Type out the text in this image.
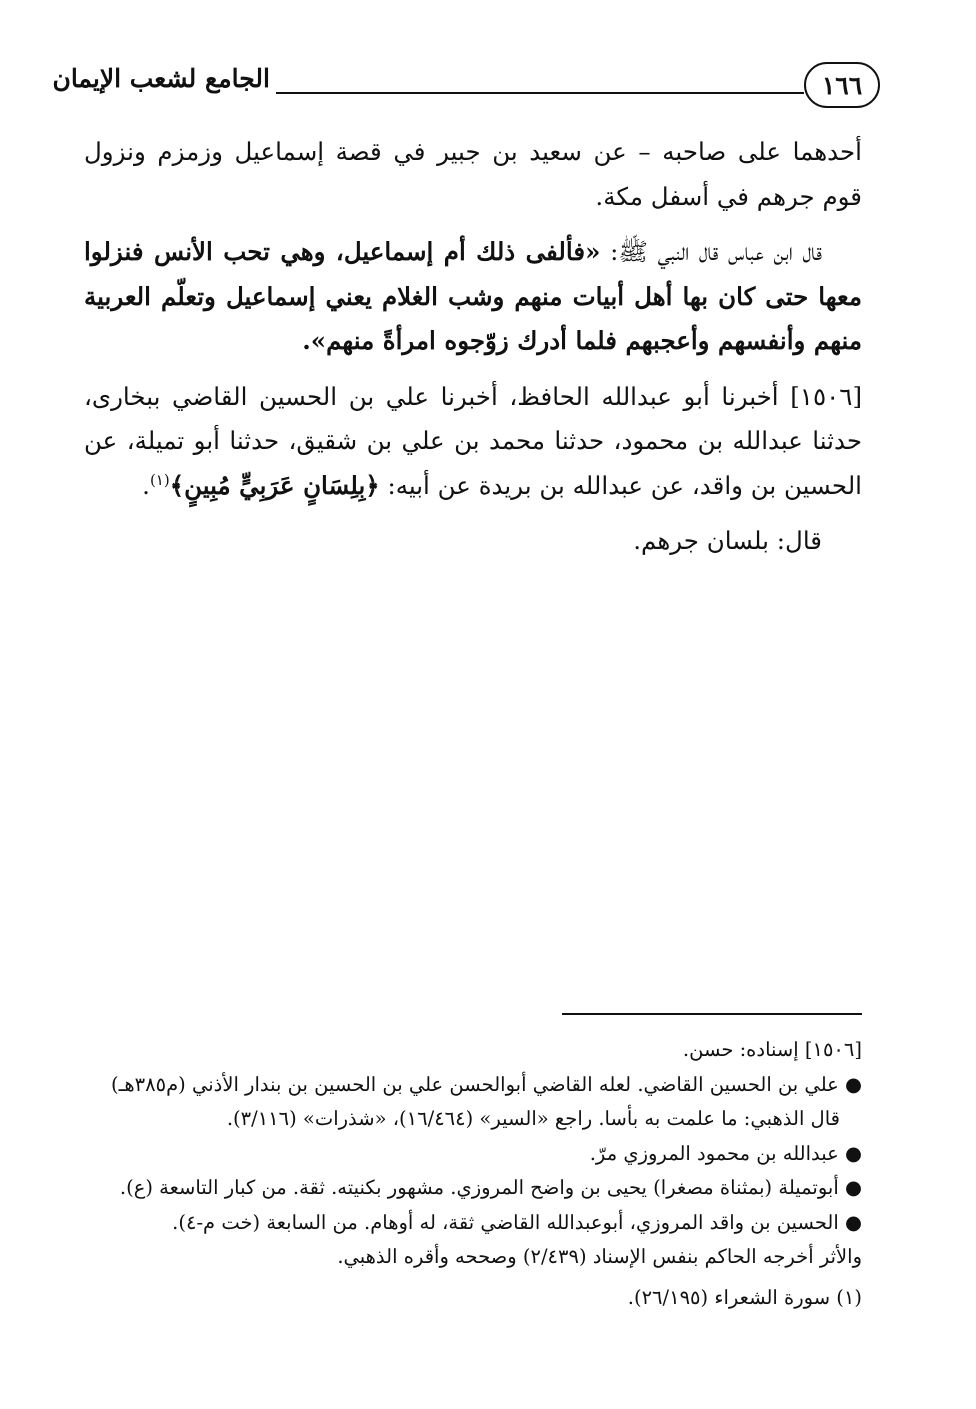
١٦٦
الجامع لشعب الإيمان

أحدهما على صاحبه – عن سعيد بن جبير في قصة إسماعيل وزمزم ونزول قوم جرهم في أسفل مكة.

قال ابن عباس قال النبي ﷺ: «فألفى ذلك أم إسماعيل، وهي تحب الأنس فنزلوا معها حتى كان بها أهل أبيات منهم وشب الغلام يعني إسماعيل وتعلّم العربية منهم وأنفسهم وأعجبهم فلما أدرك زوّجوه امرأةً منهم».

[١٥٠٦] أخبرنا أبو عبدالله الحافظ، أخبرنا علي بن الحسين القاضي ببخارى، حدثنا عبدالله بن محمود، حدثنا محمد بن علي بن شقيق، حدثنا أبو تميلة، عن الحسين بن واقد، عن عبدالله بن بريدة عن أبيه: ﴿بِلِسَانٍ عَرَبِيٍّ مُبِينٍ﴾$^{(١)}$.

قال: بلسان جرهم.

[١٥٠٦] إسناده: حسن.

● علي بن الحسين القاضي. لعله القاضي أبوالحسن علي بن الحسين بن بندار الأذني (م٣٨٥هـ)

قال الذهبي: ما علمت به بأسا. راجع «السير» (١٦/٤٦٤)، «شذرات» (٣/١١٦).

● عبدالله بن محمود المروزي مرّ.

● أبوتميلة (بمثناة مصغرا) يحيى بن واضح المروزي. مشهور بكنيته. ثقة. من كبار التاسعة (ع).

● الحسين بن واقد المروزي، أبوعبدالله القاضي ثقة، له أوهام. من السابعة (خت م-٤).

والأثر أخرجه الحاكم بنفس الإسناد (٢/٤٣٩) وصححه وأقره الذهبي.

(١) سورة الشعراء (٢٦/١٩٥).
